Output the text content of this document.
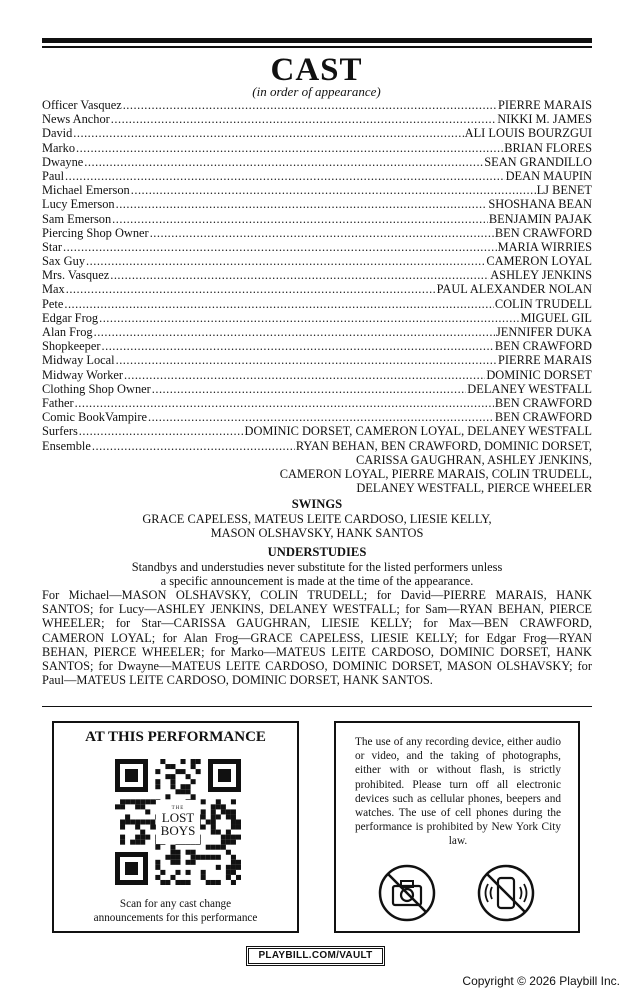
CAST
(in order of appearance)
Officer Vasquez .....	PIERRE MARAIS
News Anchor .....	NIKKI M. JAMES
David .....	ALI LOUIS BOURZGUI
Marko .....	BRIAN FLORES
Dwayne .....	SEAN GRANDILLO
Paul .....	DEAN MAUPIN
Michael Emerson .....	LJ BENET
Lucy Emerson .....	SHOSHANA BEAN
Sam Emerson .....	BENJAMIN PAJAK
Piercing Shop Owner .....	BEN CRAWFORD
Star .....	MARIA WIRRIES
Sax Guy .....	CAMERON LOYAL
Mrs. Vasquez .....	ASHLEY JENKINS
Max .....	PAUL ALEXANDER NOLAN
Pete .....	COLIN TRUDELL
Edgar Frog .....	MIGUEL GIL
Alan Frog .....	JENNIFER DUKA
Shopkeeper .....	BEN CRAWFORD
Midway Local .....	PIERRE MARAIS
Midway Worker .....	DOMINIC DORSET
Clothing Shop Owner .....	DELANEY WESTFALL
Father .....	BEN CRAWFORD
Comic BookVampire .....	BEN CRAWFORD
Surfers .....	DOMINIC DORSET, CAMERON LOYAL, DELANEY WESTFALL
Ensemble .....	RYAN BEHAN, BEN CRAWFORD, DOMINIC DORSET,
CARISSA GAUGHRAN, ASHLEY JENKINS,
CAMERON LOYAL, PIERRE MARAIS, COLIN TRUDELL,
DELANEY WESTFALL, PIERCE WHEELER
SWINGS
GRACE CAPELESS, MATEUS LEITE CARDOSO, LIESIE KELLY,
MASON OLSHAVSKY, HANK SANTOS
UNDERSTUDIES
Standbys and understudies never substitute for the listed performers unless
a specific announcement is made at the time of the appearance.
For Michael—MASON OLSHAVSKY, COLIN TRUDELL; for David—PIERRE MARAIS, HANK SANTOS; for Lucy—ASHLEY JENKINS, DELANEY WESTFALL; for Sam—RYAN BEHAN, PIERCE WHEELER; for Star—CARISSA GAUGHRAN, LIESIE KELLY; for Max—BEN CRAWFORD, CAMERON LOYAL; for Alan Frog—GRACE CAPELESS, LIESIE KELLY; for Edgar Frog—RYAN BEHAN, PIERCE WHEELER; for Marko—MATEUS LEITE CARDOSO, DOMINIC DORSET, HANK SANTOS; for Dwayne—MATEUS LEITE CARDOSO, DOMINIC DORSET, MASON OLSHAVSKY; for Paul—MATEUS LEITE CARDOSO, DOMINIC DORSET, HANK SANTOS.
AT THIS PERFORMANCE
THE
LOST
BOYS
Scan for any cast change
announcements for this performance
The use of any recording device, either audio or video, and the taking of photographs, either with or without flash, is strictly prohibited. Please turn off all electronic devices such as cellular phones, beepers and watches. The use of cell phones during the performance is prohibited by New York City law.
PLAYBILL.COM/VAULT
Copyright © 2026 Playbill Inc.
